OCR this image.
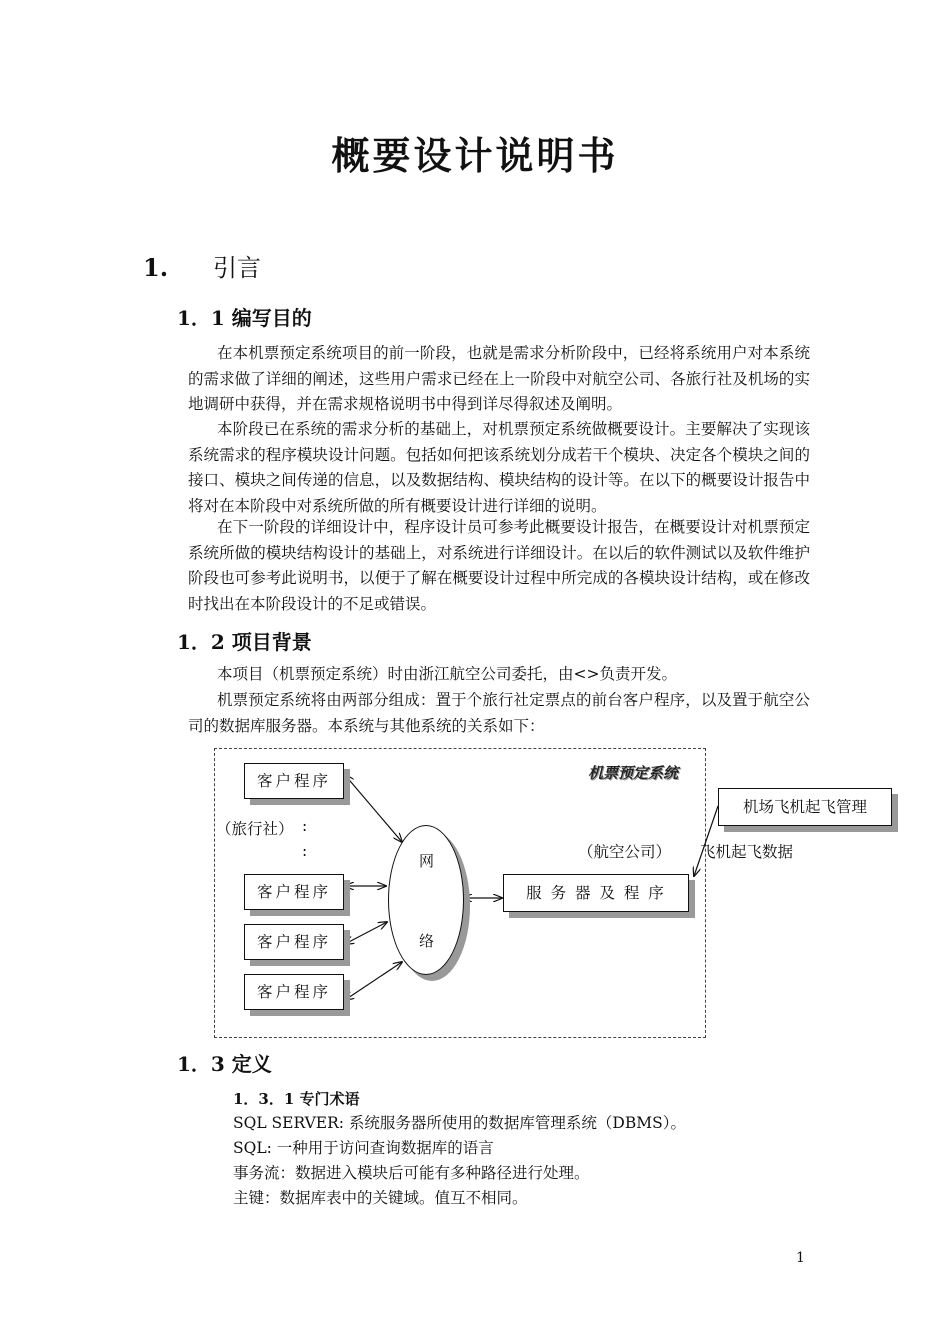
概要设计说明书
1. 引言
1．1 编写目的

在本机票预定系统项目的前一阶段，也就是需求分析阶段中，已经将系统用户对本系统的需求做了详细的阐述，这些用户需求已经在上一阶段中对航空公司、各旅行社及机场的实地调研中获得，并在需求规格说明书中得到详尽得叙述及阐明。

本阶段已在系统的需求分析的基础上，对机票预定系统做概要设计。主要解决了实现该系统需求的程序模块设计问题。包括如何把该系统划分成若干个模块、决定各个模块之间的接口、模块之间传递的信息，以及数据结构、模块结构的设计等。在以下的概要设计报告中将对在本阶段中对系统所做的所有概要设计进行详细的说明。

在下一阶段的详细设计中，程序设计员可参考此概要设计报告，在概要设计对机票预定系统所做的模块结构设计的基础上，对系统进行详细设计。在以后的软件测试以及软件维护阶段也可参考此说明书，以便于了解在概要设计过程中所完成的各模块设计结构，或在修改时找出在本阶段设计的不足或错误。

1．2 项目背景

本项目（机票预定系统）时由浙江航空公司委托，由<>负责开发。

机票预定系统将由两部分组成：置于个旅行社定票点的前台客户程序，以及置于航空公司的数据库服务器。本系统与其他系统的关系如下：

机票预定系统
客户程序
客户程序
客户程序
客户程序
（旅行社） :
:
网
络
（航空公司）
服 务 器 及 程 序
机场飞机起飞管理
飞机起飞数据
1．3 定义
1．3．1 专门术语

SQL SERVER: 系统服务器所使用的数据库管理系统（DBMS）。

SQL: 一种用于访问查询数据库的语言

事务流：数据进入模块后可能有多种路径进行处理。

主键：数据库表中的关键域。值互不相同。

1
